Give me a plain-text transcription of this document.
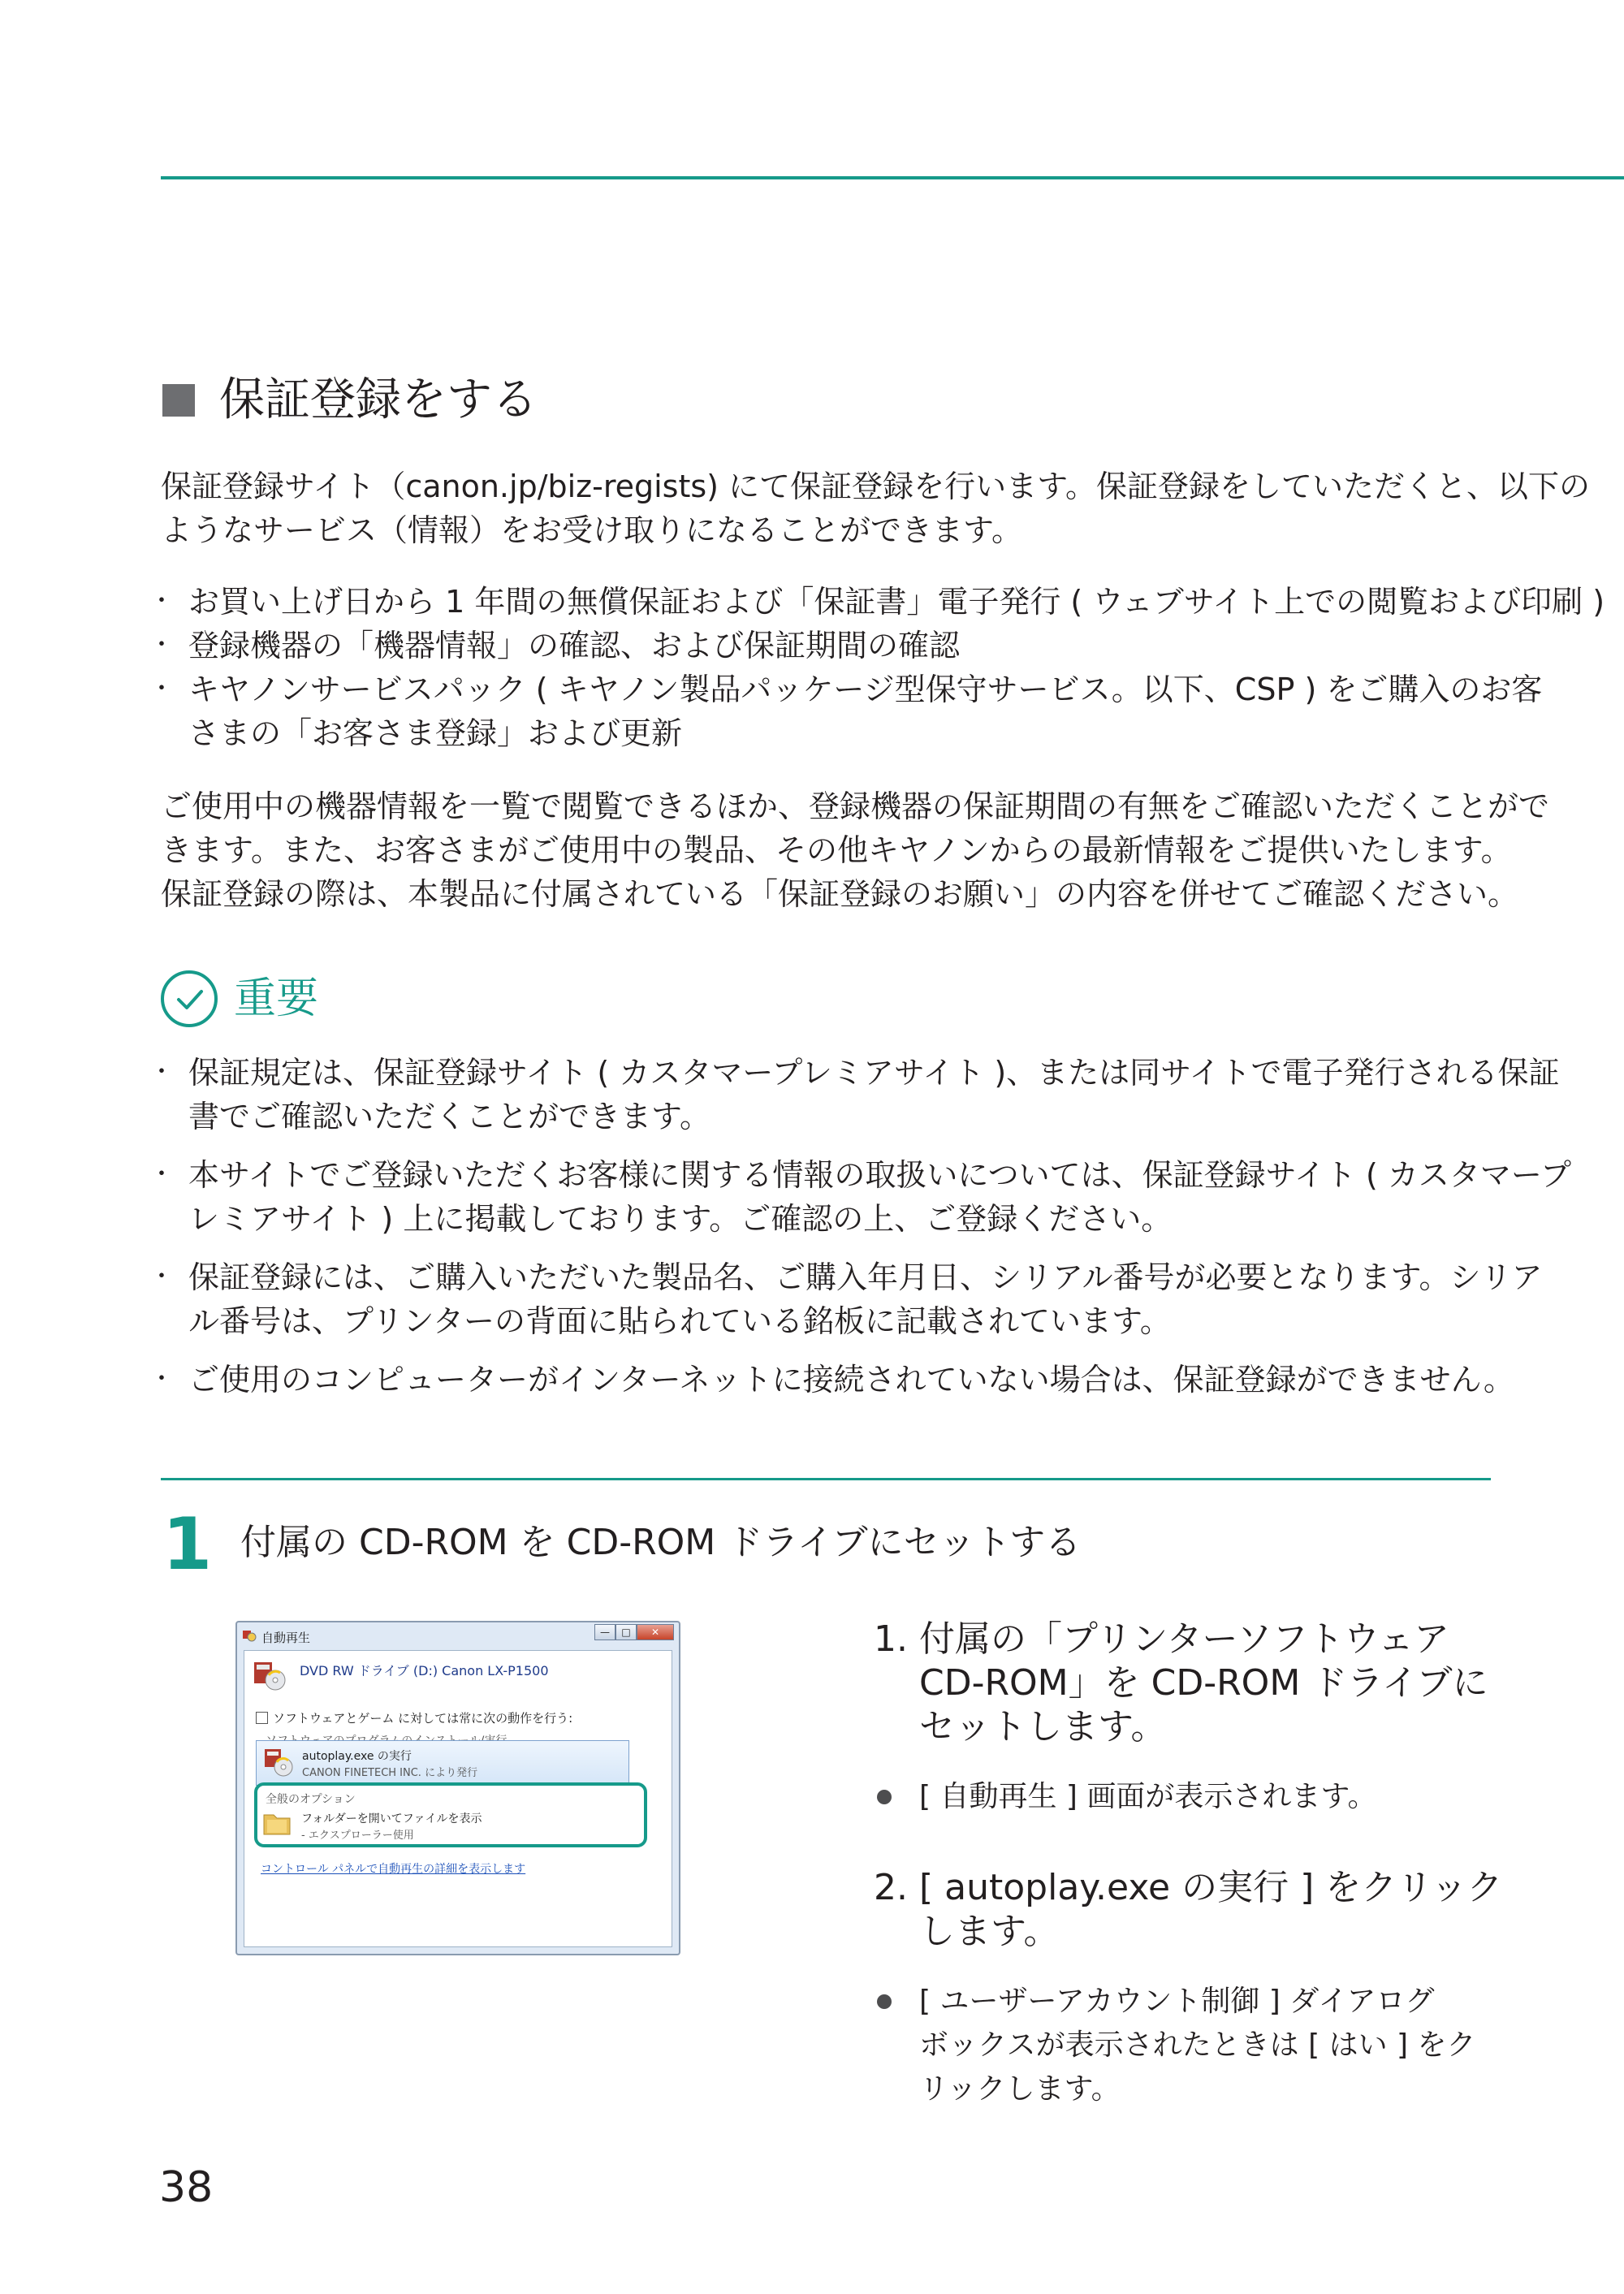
保証登録をする
保証登録サイト（canon.jp/biz-regists) にて保証登録を行います。保証登録をしていただくと、以下の
ようなサービス（情報）をお受け取りになることができます。
・ お買い上げ日から 1 年間の無償保証および「保証書」電子発行 ( ウェブサイト上での閲覧および印刷 )
・ 登録機器の「機器情報」の確認、および保証期間の確認
・ キヤノンサービスパック ( キヤノン製品パッケージ型保守サービス。以下、CSP ) をご購入のお客
さまの「お客さま登録」および更新
ご使用中の機器情報を一覧で閲覧できるほか、登録機器の保証期間の有無をご確認いただくことがで
きます。また、お客さまがご使用中の製品、その他キヤノンからの最新情報をご提供いたします。
保証登録の際は、本製品に付属されている「保証登録のお願い」の内容を併せてご確認ください。
重要
・ 保証規定は、保証登録サイト ( カスタマープレミアサイト )、または同サイトで電子発行される保証
書でご確認いただくことができます。
・ 本サイトでご登録いただくお客様に関する情報の取扱いについては、保証登録サイト ( カスタマープ
レミアサイト ) 上に掲載しております。ご確認の上、ご登録ください。
・ 保証登録には、ご購入いただいた製品名、ご購入年月日、シリアル番号が必要となります。シリア
ル番号は、プリンターの背面に貼られている銘板に記載されています。
・ ご使用のコンピューターがインターネットに接続されていない場合は、保証登録ができません。
1 付属の CD-ROM を CD-ROM ドライブにセットする
自動再生	—	□	✕
DVD RW ドライブ (D:) Canon LX-P1500
ソフトウェアとゲーム に対しては常に次の動作を行う:
autoplay.exe の実行
CANON FINETECH INC. により発行
全般のオプション
フォルダーを開いてファイルを表示
- エクスプローラー使用
コントロール パネルで自動再生の詳細を表示します
1. 付属の「プリンターソフトウェア
CD-ROM」を CD-ROM ドライブに
セットします。
[ 自動再生 ] 画面が表示されます。
2. [ autoplay.exe の実行 ] をクリック
します。
[ ユーザーアカウント制御 ] ダイアログ
ボックスが表示されたときは [ はい ] をク
リックします。
38
